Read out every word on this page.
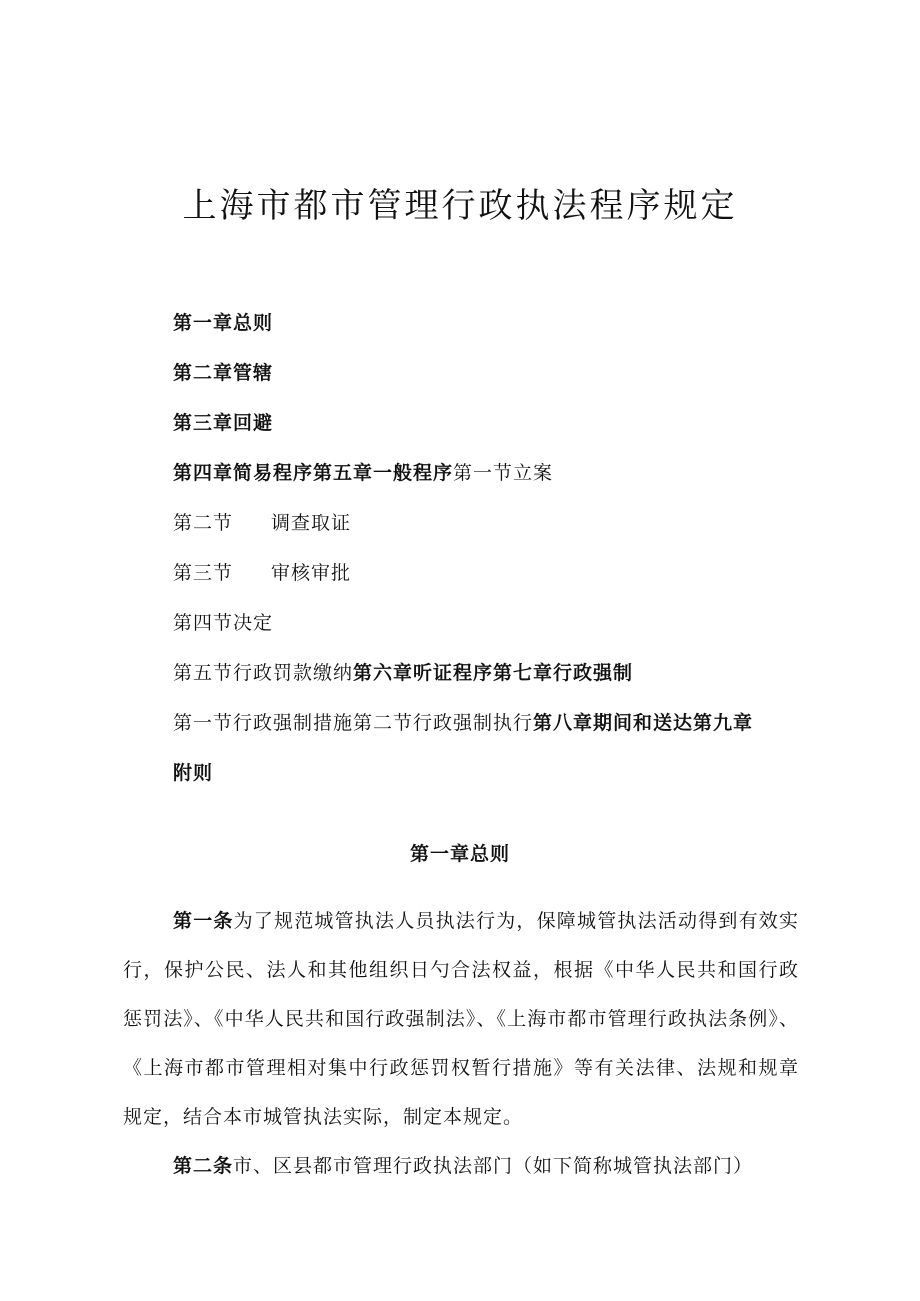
上海市都市管理行政执法程序规定
第一章总则
第二章管辖
第三章回避
第四章简易程序第五章一般程序第一节立案
第二节 调查取证
第三节 审核审批
第四节决定
第五节行政罚款缴纳第六章听证程序第七章行政强制
第一节行政强制措施第二节行政强制执行第八章期间和送达第九章
附则
第一章总则

第一条为了规范城管执法人员执法行为，保障城管执法活动得到有效实行，保护公民、法人和其他组织日勺合法权益，根据《中华人民共和国行政惩罚法》、《中华人民共和国行政强制法》、《上海市都市管理行政执法条例》、《上海市都市管理相对集中行政惩罚权暂行措施》等有关法律、法规和规章规定，结合本市城管执法实际，制定本规定。

第二条市、区县都市管理行政执法部门（如下简称城管执法部门）
